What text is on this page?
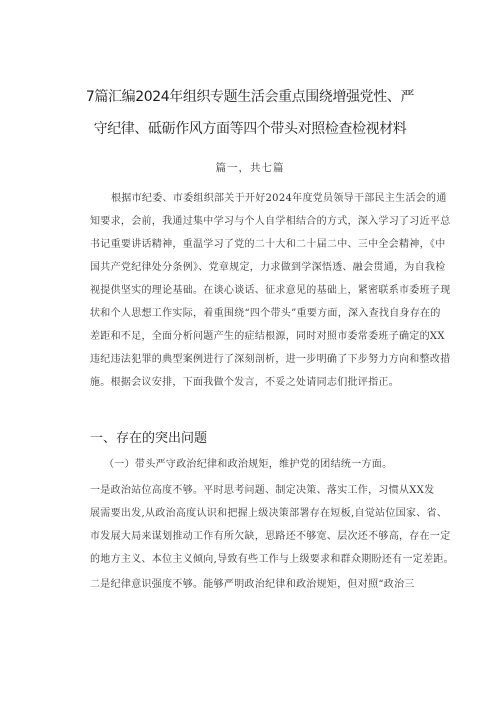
7篇汇编2024年组织专题生活会重点围绕增强党性、严
守纪律、砥砺作风方面等四个带头对照检查检视材料
篇一，共七篇
根据市纪委、市委组织部关于开好2024年度党员领导干部民主生活会的通
知要求，会前，我通过集中学习与个人自学相结合的方式，深入学习了习近平总
书记重要讲话精神，重温学习了党的二十大和二十届二中、三中全会精神，《中
国共产党纪律处分条例》、党章规定，力求做到学深悟透、融会贯通，为自我检
视提供坚实的理论基础。在谈心谈话、征求意见的基础上，紧密联系市委班子现
状和个人思想工作实际，着重围绕“四个带头”重要方面，深入查找自身存在的
差距和不足，全面分析问题产生的症结根源，同时对照市委常委班子确定的XX
违纪违法犯罪的典型案例进行了深刻剖析，进一步明确了下步努力方向和整改措
施。根据会议安排，下面我做个发言，不妥之处请同志们批评指正。
一、存在的突出问题
（一）带头严守政治纪律和政治规矩，维护党的团结统一方面。
一是政治站位高度不够。平时思考问题、制定决策、落实工作，习惯从XX发
展需要出发,从政治高度认识和把握上级决策部署存在短板,自觉站位国家、省、
市发展大局来谋划推动工作有所欠缺，思路还不够宽、层次还不够高，存在一定
的地方主义、本位主义倾向,导致有些工作与上级要求和群众期盼还有一定差距。
二是纪律意识强度不够。能够严明政治纪律和政治规矩，但对照“政治三
